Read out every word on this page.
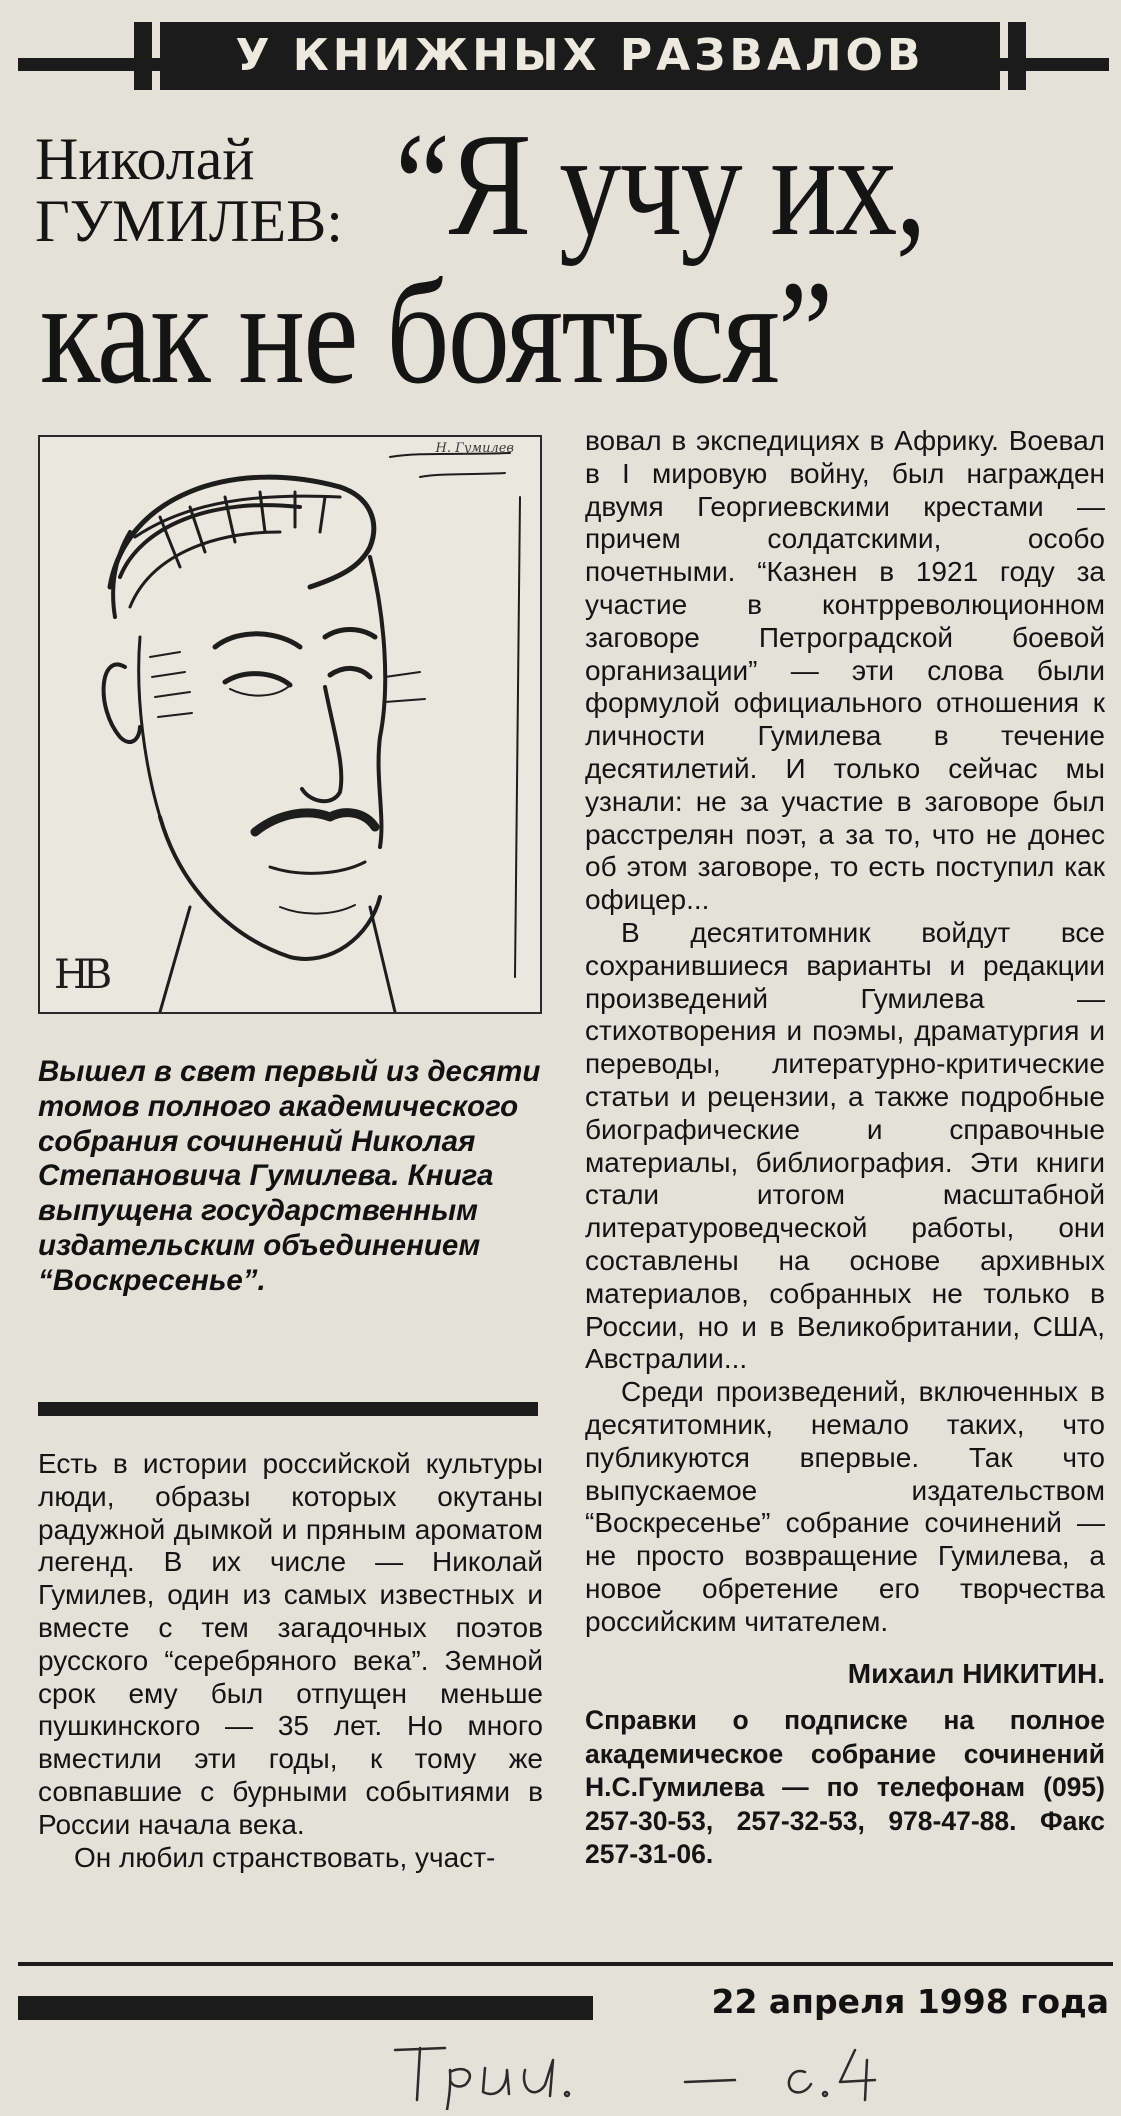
У КНИЖНЫХ РАЗВАЛОВ
Николай ГУМИЛЕВ: “Я учу их,
как не бояться”
НВ
Н. Гумилев
Вышел в свет первый из десяти томов полного академического собрания сочинений Николая Степановича Гумилева. Книга выпущена государственным издательским объединением “Воскресенье”.

Есть в истории российской культуры люди, образы которых окутаны радужной дымкой и пряным ароматом легенд. В их числе — Николай Гумилев, один из самых известных и вместе с тем загадочных поэтов русского “серебряного века”. Земной срок ему был отпущен меньше пушкинского — 35 лет. Но много вместили эти годы, к тому же совпавшие с бурными событиями в России начала века.

Он любил странствовать, участ-

вовал в экспедициях в Африку. Воевал в I мировую войну, был награжден двумя Георгиевскими крестами — причем солдатскими, особо почетными. “Казнен в 1921 году за участие в контрреволюционном заговоре Петроградской боевой организации” — эти слова были формулой официального отношения к личности Гумилева в течение десятилетий. И только сейчас мы узнали: не за участие в заговоре был расстрелян поэт, а за то, что не донес об этом заговоре, то есть поступил как офицер...

В десятитомник войдут все сохранившиеся варианты и редакции произведений Гумилева — стихотворения и поэмы, драматургия и переводы, литературно-критические статьи и рецензии, а также подробные биографические и справочные материалы, библиография. Эти книги стали итогом масштабной литературоведческой работы, они составлены на основе архивных материалов, собранных не только в России, но и в Великобритании, США, Австралии...

Среди произведений, включенных в десятитомник, немало таких, что публикуются впервые. Так что выпускаемое издательством “Воскресенье” собрание сочинений — не просто возвращение Гумилева, а новое обретение его творчества российским читателем.

Михаил НИКИТИН.

Справки о подписке на полное академическое собрание сочинений Н.С.Гумилева — по телефонам (095) 257-30-53, 257-32-53, 978-47-88. Факс 257-31-06.

22 апреля 1998 года
